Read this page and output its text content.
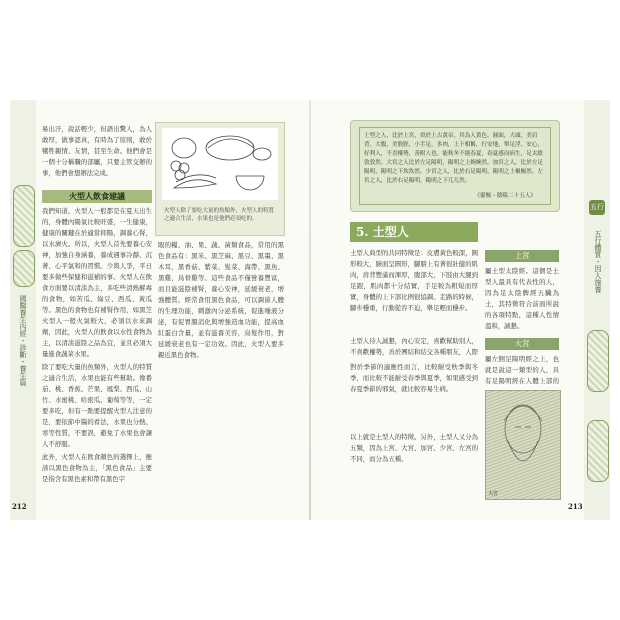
國醫養生內經・診斷・養生篇
易出汗，說話輕少，但語出驚人，為人敢厚，做事認真，有時為了原則，敢於犧牲親情、友情，甚至生命。他們會是一個十分稱職的部屬，只要主管交辦的事，他們會想辦法完成。
火型人飲食建議
我們知道，火型人一般都是在夏天出生的，身體內陽氣比較旺盛，一生健康，健康的關鍵在於適當抑陽，調養心腎，以水濟火。所以，火型人首先要養心安神，加強自身涵養，養成遇事冷靜、沉著、心平氣和的習慣。少與人爭，平日要多做些保健和滋補的事。火型人在飲食方面要以清淡為主，多吃些清熱解毒的食物，如苦瓜、綠豆、西瓜、黃瓜等。黑色的食物也有補腎作用，如黑芝
火型人一般火氣較大，必須以水來調劑，因此，火型人的飲食以水性食物為主，以清淡滋陰之品為宜，並且必須大量進食蔬菜水果。
除了要吃大量的魚類外，火型人的特質之適合生活，水果也能有些幫助。像番茄、桃、香蕉、芒果、鳳梨、西瓜、山竹、水蜜桃、哈密瓜、葡萄等等，一定要多吃，但有一點要提醒火型人注意的是，要依節中醫的看法，水果也分熱、寒等性質，不要誤，避免了水果也會讓人不舒服。
此外，火型人在飲食顏色的選擇上，應該以黑色食物為主，「黑色食品」主要是指含有黑色素和帶有黑色字
火型人除了要吃大量的魚類外，火型人的特質之適合生活，水果也是他們必須吃的。
眼的糧、油、果、蔬、菌類食品，常用的黑色食品有：黑米、黑芝麻、黑豆、黑棗、黑木耳、黑香菇、紫菜、髮菜、海帶、黑魚、黑雞、烏骨雞等。這些食品不僅營養豐富，而且能滋陰補腎，養心安神，延緩衰老，增強體質。經常食用黑色食品，可以調節人體的生理功能，刺激內分泌系統，促進唾液分泌，有促胃腸消化與增強造血功能，提高血紅蛋白含量，並有滋養美容，烏髮作用，對延緩衰老也有一定功效。因此，火型人要多親近黑色食物。
212
土型之人，比於上宮，似於上古黃帝，其為人黃色，圓面，大頭，美肩背，大腹，美股脛，小手足，多肉，上下相稱，行安地，舉足浮。安心，好利人，不喜權勢，善附人也。能秋冬不能春夏，春夏感而病生，足太陰敦敦然。大宮之人比於左足陽明，陽明之上婉婉然。加宮之人，比於左足陽明，陽明之下坎坎然。少宮之人，比於右足陽明，陽明之上樞樞然。左宮之人，比於右足陽明，陽明之下兀兀然。
《靈樞・陰陽二十五人》
5. 土型人
土型人典型的共同特徵是：皮膚黃色較深，圓形較大，臉面呈圓形，腳膀上有著很壯健的肌肉，肩背豐滿而渾厚，腹部大，下肢由大腿到足跟，肌肉都十分結實，手足較為粗短而厚實，身體的上下部比例很協調。走路的時候，腳步穩重，行動從容不迫，舉足輕而穩步。
土型人待人誠懇，內心安定，喜歡幫助別人，不喜歡權勢，善於團結和結交各種朋友，人際
對於季節的適應性而言，比較耐受秋季與冬季，而比較不能耐受春季與夏季，如果感受到春夏季節的邪氣，就比較容易生病。
以上就是土型人的特徵。另外，土型人又分為五類，因為上宮、大宮、加宮、少宮、左宮的不同，而分為五種。
上宮
屬土型太陰經。這個是土型人最具有代表性的人，因為足太陰脾經五臟為土，其特徵符合前面所說的各項特點，這種人性情溫和，誠懇。
大宮
屬左側足陽明經之上，也就是說這一類型的人，具有足陽明經在人體上部的
大宮
五行
五行體質・因人施養
213
